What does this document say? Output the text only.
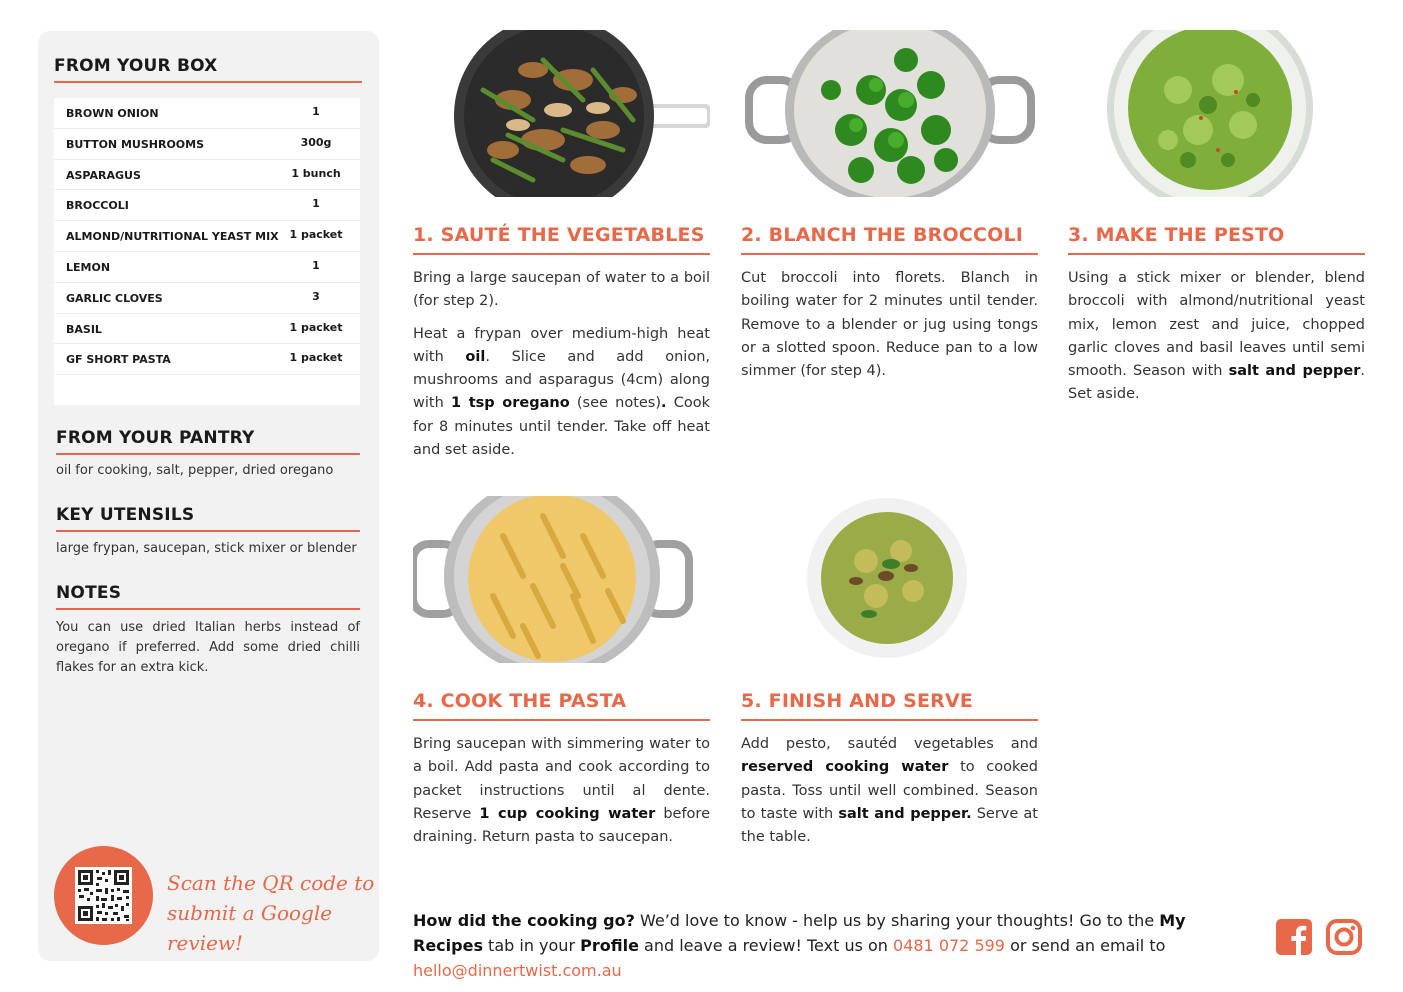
FROM YOUR BOX
BROWN ONION	1
BUTTON MUSHROOMS	300g
ASPARAGUS	1 bunch
BROCCOLI	1
ALMOND/NUTRITIONAL YEAST MIX 1 packet
LEMON	1
GARLIC CLOVES	3
BASIL	1 packet
GF SHORT PASTA	1 packet
FROM YOUR PANTRY
oil for cooking, salt, pepper, dried oregano
KEY UTENSILS
large frypan, saucepan, stick mixer or blender
NOTES
You can use dried Italian herbs instead of oregano if preferred. Add some dried chilli flakes for an extra kick.
Scan the QR code to
submit a Google review!
1. SAUTÉ THE VEGETABLES

Bring a large saucepan of water to a boil (for step 2).

Heat a frypan over medium-high heat with oil. Slice and add onion, mushrooms and asparagus (4cm) along with 1 tsp oregano (see notes). Cook for 8 minutes until tender. Take off heat and set aside.

2. BLANCH THE BROCCOLI

Cut broccoli into florets. Blanch in boiling water for 2 minutes until tender. Remove to a blender or jug using tongs or a slotted spoon. Reduce pan to a low simmer (for step 4).

3. MAKE THE PESTO

Using a stick mixer or blender, blend broccoli with almond/nutritional yeast mix, lemon zest and juice, chopped garlic cloves and basil leaves until semi smooth. Season with salt and pepper. Set aside.

4. COOK THE PASTA

Bring saucepan with simmering water to a boil. Add pasta and cook according to packet instructions until al dente. Reserve 1 cup cooking water before draining. Return pasta to saucepan.

5. FINISH AND SERVE

Add pesto, sautéd vegetables and reserved cooking water to cooked pasta. Toss until well combined. Season to taste with salt and pepper. Serve at the table.

How did the cooking go? We’d love to know - help us by sharing your thoughts! Go to the My Recipes tab in your Profile and leave a review! Text us on 0481 072 599 or send an email to hello@dinnertwist.com.au
